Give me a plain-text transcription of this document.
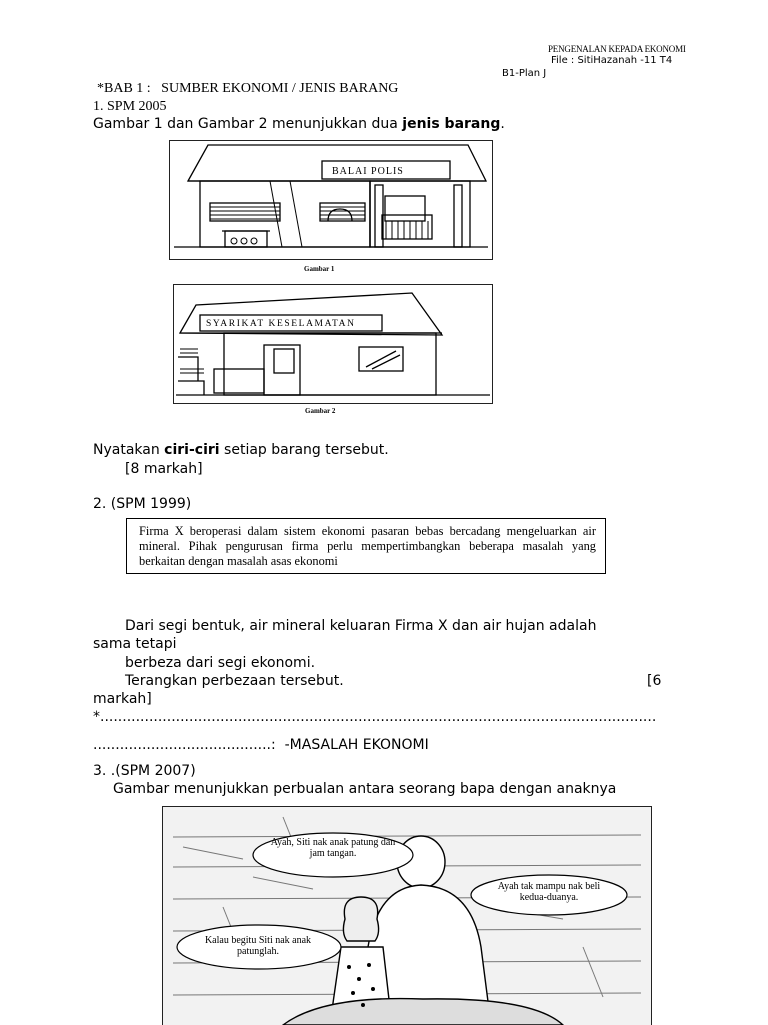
PENGENALAN KEPADA EKONOMI
File : SitiHazanah -11 T4
B1-Plan J
*BAB 1 :   SUMBER EKONOMI / JENIS BARANG
1. SPM 2005
Gambar 1 dan Gambar 2 menunjukkan dua jenis barang.
BALAI POLIS
Gambar 1
SYARIKAT KESELAMATAN
Gambar 2
Nyatakan ciri-ciri setiap barang tersebut.
[8 markah]
2. (SPM 1999)
Firma X beroperasi dalam sistem ekonomi pasaran bebas bercadang mengeluarkan air mineral. Pihak pengurusan firma perlu mempertimbangkan beberapa masalah yang berkaitan dengan masalah asas ekonomi
Dari segi bentuk, air mineral keluaran Firma X dan air hujan adalah
sama tetapi
berbeza dari segi ekonomi.
Terangkan perbezaan tersebut.	[6
markah]
*.............................................................................................................................
........................................:  -MASALAH EKONOMI
3. .(SPM 2007)
Gambar menunjukkan perbualan antara seorang bapa dengan anaknya
Ayah, Siti nak anak patung dan jam tangan.
Ayah tak mampu nak beli kedua-duanya.
Kalau begitu Siti nak anak patunglah.
